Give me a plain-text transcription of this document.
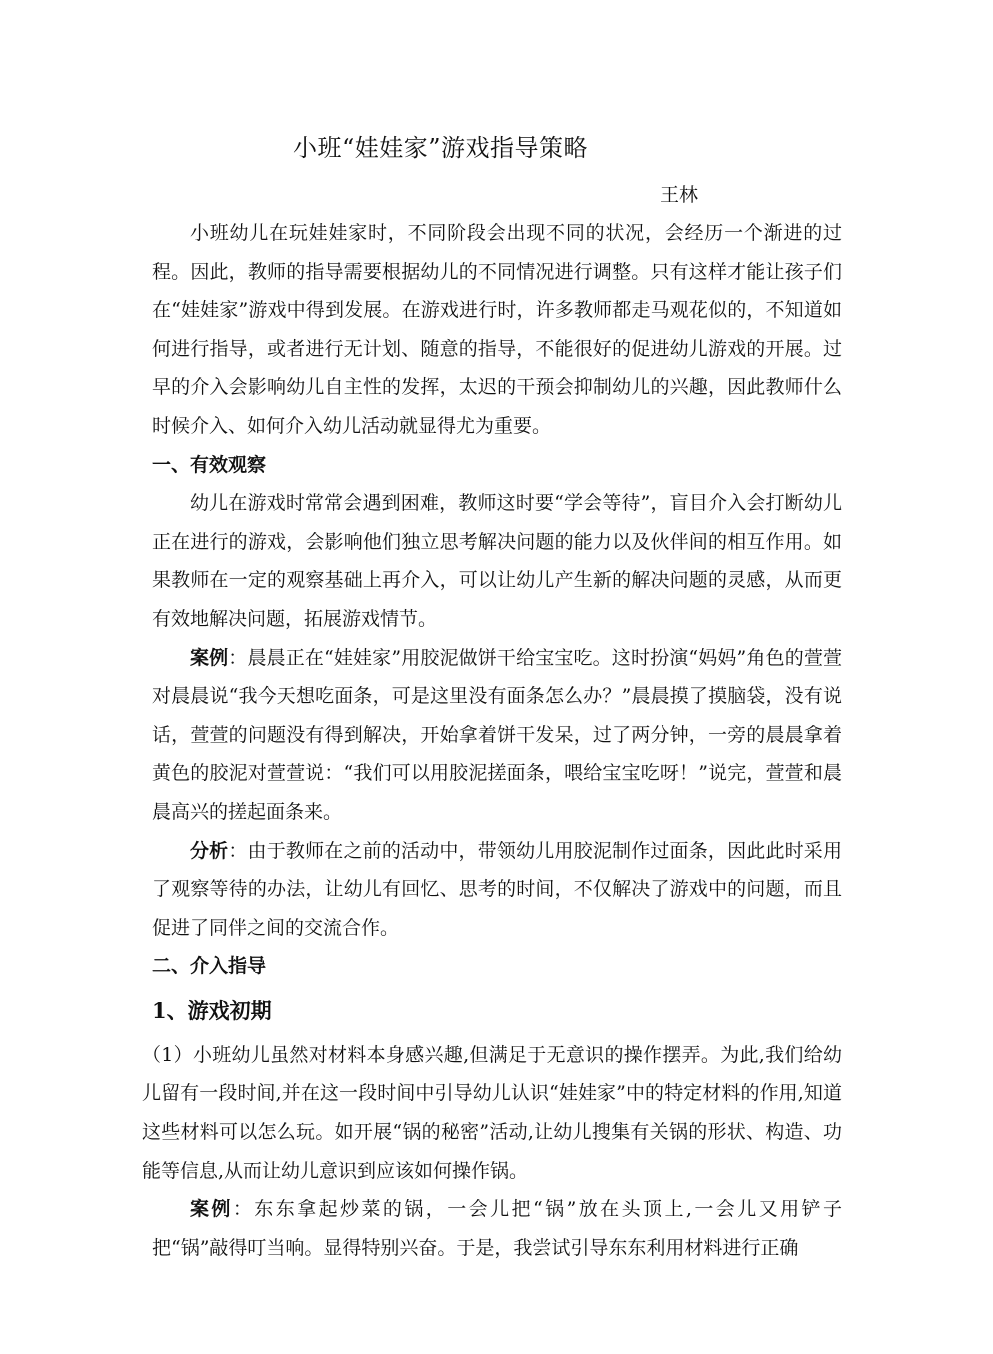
小班“娃娃家”游戏指导策略
王林

小班幼儿在玩娃娃家时，不同阶段会出现不同的状况，会经历一个渐进的过程。因此，教师的指导需要根据幼儿的不同情况进行调整。只有这样才能让孩子们在“娃娃家”游戏中得到发展。在游戏进行时，许多教师都走马观花似的，不知道如何进行指导，或者进行无计划、随意的指导，不能很好的促进幼儿游戏的开展。过早的介入会影响幼儿自主性的发挥，太迟的干预会抑制幼儿的兴趣，因此教师什么时候介入、如何介入幼儿活动就显得尤为重要。

一、有效观察

幼儿在游戏时常常会遇到困难，教师这时要“学会等待”，盲目介入会打断幼儿正在进行的游戏，会影响他们独立思考解决问题的能力以及伙伴间的相互作用。如果教师在一定的观察基础上再介入，可以让幼儿产生新的解决问题的灵感，从而更有效地解决问题，拓展游戏情节。

案例：晨晨正在“娃娃家”用胶泥做饼干给宝宝吃。这时扮演“妈妈”角色的萱萱对晨晨说“我今天想吃面条，可是这里没有面条怎么办？”晨晨摸了摸脑袋，没有说话，萱萱的问题没有得到解决，开始拿着饼干发呆，过了两分钟，一旁的晨晨拿着黄色的胶泥对萱萱说：“我们可以用胶泥搓面条，喂给宝宝吃呀！”说完，萱萱和晨晨高兴的搓起面条来。

分析：由于教师在之前的活动中，带领幼儿用胶泥制作过面条，因此此时采用了观察等待的办法，让幼儿有回忆、思考的时间，不仅解决了游戏中的问题，而且促进了同伴之间的交流合作。

二、介入指导

1、游戏初期

（1）小班幼儿虽然对材料本身感兴趣,但满足于无意识的操作摆弄。为此,我们给幼儿留有一段时间,并在这一段时间中引导幼儿认识“娃娃家”中的特定材料的作用,知道这些材料可以怎么玩。如开展“锅的秘密”活动,让幼儿搜集有关锅的形状、构造、功能等信息,从而让幼儿意识到应该如何操作锅。

案例：东东拿起炒菜的锅，一会儿把“锅”放在头顶上,一会儿又用铲子把“锅”敲得叮当响。显得特别兴奋。于是，我尝试引导东东利用材料进行正确
